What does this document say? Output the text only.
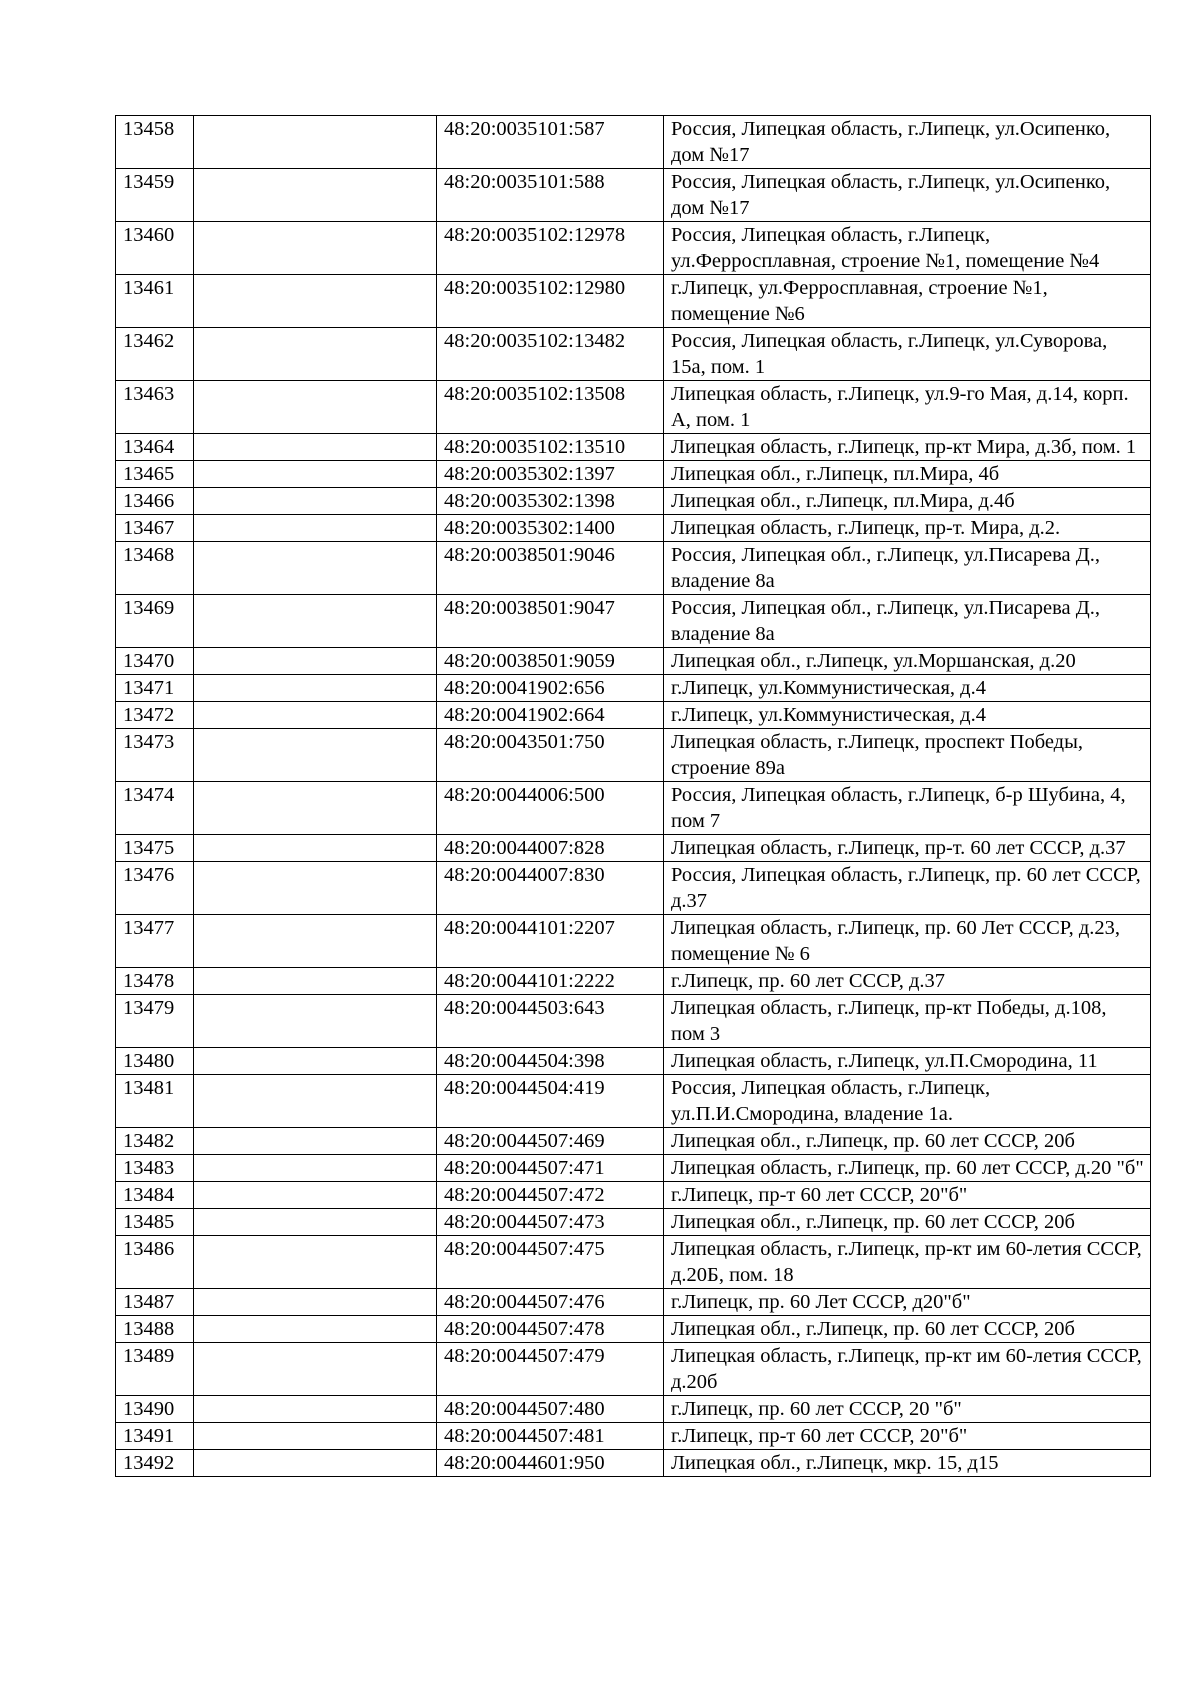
13458		48:20:0035101:587	Россия, Липецкая область, г.Липецк, ул.Осипенко, дом №17
13459		48:20:0035101:588	Россия, Липецкая область, г.Липецк, ул.Осипенко, дом №17
13460		48:20:0035102:12978	Россия, Липецкая область, г.Липецк, ул.Ферросплавная, строение №1, помещение №4
13461		48:20:0035102:12980	г.Липецк, ул.Ферросплавная, строение №1, помещение №6
13462		48:20:0035102:13482	Россия, Липецкая область, г.Липецк, ул.Суворова, 15а, пом. 1
13463		48:20:0035102:13508	Липецкая область, г.Липецк, ул.9-го Мая, д.14, корп. А, пом. 1
13464		48:20:0035102:13510	Липецкая область, г.Липецк, пр-кт Мира, д.3б, пом. 1
13465		48:20:0035302:1397	Липецкая обл., г.Липецк, пл.Мира, 4б
13466		48:20:0035302:1398	Липецкая обл., г.Липецк, пл.Мира, д.4б
13467		48:20:0035302:1400	Липецкая область, г.Липецк, пр-т. Мира, д.2.
13468		48:20:0038501:9046	Россия, Липецкая обл., г.Липецк, ул.Писарева Д., владение 8а
13469		48:20:0038501:9047	Россия, Липецкая обл., г.Липецк, ул.Писарева Д., владение 8а
13470		48:20:0038501:9059	Липецкая обл., г.Липецк, ул.Моршанская, д.20
13471		48:20:0041902:656	г.Липецк, ул.Коммунистическая, д.4
13472		48:20:0041902:664	г.Липецк, ул.Коммунистическая, д.4
13473		48:20:0043501:750	Липецкая область, г.Липецк, проспект Победы, строение 89а
13474		48:20:0044006:500	Россия, Липецкая область, г.Липецк, б-р Шубина, 4, пом 7
13475		48:20:0044007:828	Липецкая область, г.Липецк, пр-т. 60 лет СССР, д.37
13476		48:20:0044007:830	Россия, Липецкая область, г.Липецк, пр. 60 лет СССР, д.37
13477		48:20:0044101:2207	Липецкая область, г.Липецк, пр. 60 Лет СССР, д.23, помещение № 6
13478		48:20:0044101:2222	г.Липецк, пр. 60 лет СССР, д.37
13479		48:20:0044503:643	Липецкая область, г.Липецк, пр-кт Победы, д.108, пом 3
13480		48:20:0044504:398	Липецкая область, г.Липецк, ул.П.Смородина, 11
13481		48:20:0044504:419	Россия, Липецкая область, г.Липецк, ул.П.И.Смородина, владение 1а.
13482		48:20:0044507:469	Липецкая обл., г.Липецк, пр. 60 лет СССР, 20б
13483		48:20:0044507:471	Липецкая область, г.Липецк, пр. 60 лет СССР, д.20 "б"
13484		48:20:0044507:472	г.Липецк, пр-т 60 лет СССР, 20"б"
13485		48:20:0044507:473	Липецкая обл., г.Липецк, пр. 60 лет СССР, 20б
13486		48:20:0044507:475	Липецкая область, г.Липецк, пр-кт им 60-летия СССР, д.20Б, пом. 18
13487		48:20:0044507:476	г.Липецк, пр. 60 Лет СССР, д20"б"
13488		48:20:0044507:478	Липецкая обл., г.Липецк, пр. 60 лет СССР, 20б
13489		48:20:0044507:479	Липецкая область, г.Липецк, пр-кт им 60-летия СССР, д.20б
13490		48:20:0044507:480	г.Липецк, пр. 60 лет СССР, 20 "б"
13491		48:20:0044507:481	г.Липецк, пр-т 60 лет СССР, 20"б"
13492		48:20:0044601:950	Липецкая обл., г.Липецк, мкр. 15, д15
